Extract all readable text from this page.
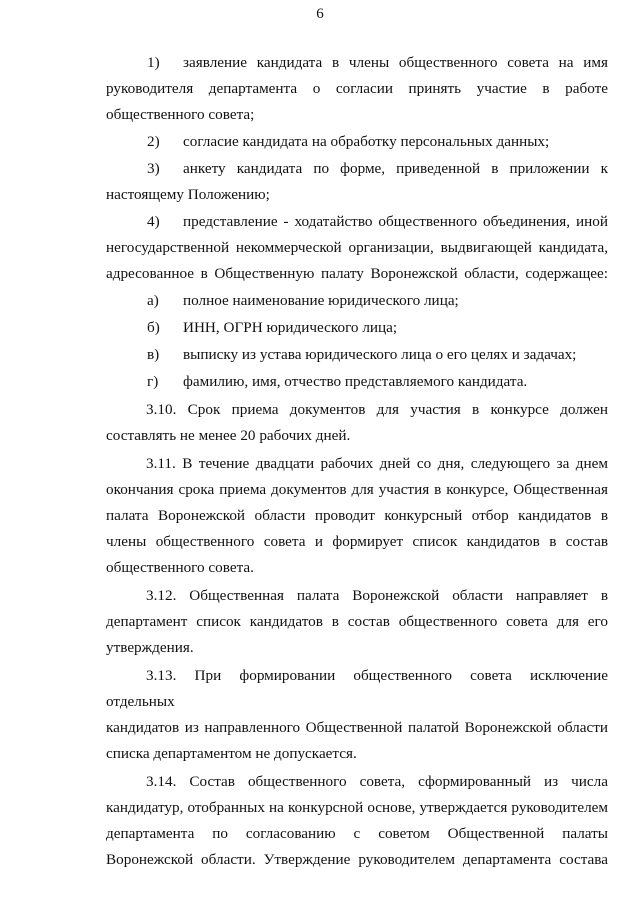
6
1)	заявление кандидата в члены общественного совета на имя
руководителя департамента о согласии принять участие в работе
общественного совета;
2)	согласие кандидата на обработку персональных данных;
3)	анкету кандидата по форме, приведенной в приложении к
настоящему Положению;
4)	представление - ходатайство общественного объединения, иной
негосударственной некоммерческой организации, выдвигающей кандидата,
адресованное в Общественную палату Воронежской области, содержащее:
а)	полное наименование юридического лица;
б)	ИНН, ОГРН юридического лица;
в)	выписку из устава юридического лица о его целях и задачах;
г)	фамилию, имя, отчество представляемого кандидата.
3.10. Срок приема документов для участия в конкурсе должен
составлять не менее 20 рабочих дней.
3.11. В течение двадцати рабочих дней со дня, следующего за днем
окончания срока приема документов для участия в конкурсе, Общественная
палата Воронежской области проводит конкурсный отбор кандидатов в
члены общественного совета и формирует список кандидатов в состав
общественного совета.
3.12. Общественная палата Воронежской области направляет в
департамент список кандидатов в состав общественного совета для его
утверждения.
3.13. При формировании общественного совета исключение отдельных
кандидатов из направленного Общественной палатой Воронежской области
списка департаментом не допускается.
3.14. Состав общественного совета, сформированный из числа
кандидатур, отобранных на конкурсной основе, утверждается руководителем
департамента по согласованию с советом Общественной палаты
Воронежской области. Утверждение руководителем департамента состава
